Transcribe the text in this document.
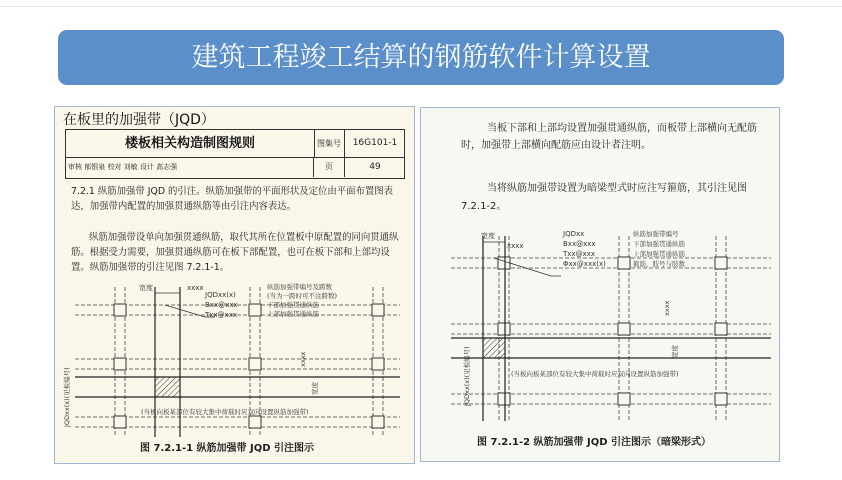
建筑工程竣工结算的钢筋软件计算设置
楼板相关构造制图规则	图集号	16G101-1
审核 郁银泉 校对 刘敏 设计 高志强	页	49
在板里的加强带（JQD）
7.2.1 纵筋加强带 JQD 的引注。纵筋加强带的平面形状及定位由平面布置图表达，加强带内配置的加强贯通纵筋等由引注内容表达。
纵筋加强带设单向加强贯通纵筋，取代其所在位置板中原配置的同向贯通纵筋。根据受力需要，加强贯通纵筋可在板下部配置，也可在板下部和上部均设置。纵筋加强带的引注见图 7.2.1-1。
宽度	xxxx
JQDxx(x)
Bxx@xxx
Txx@xxx
纵筋加强带编号及跨数
(当为一跨时可不注跨数)
下部加强贯通纵筋
上部加强贯通纵筋
JQDxx(x)(见板编号)
xxxx
宽度
(当板向板某部位有较大集中荷载时应双向设置纵筋加强带)
图 7.2.1-1 纵筋加强带 JQD 引注图示
当板下部和上部均设置加强贯通纵筋，而板带上部横向无配筋时，加强带上部横向配筋应由设计者注明。
当将纵筋加强带设置为暗梁型式时应注写箍筋，其引注见图 7.2.1-2。
宽度
xxxx
JQDxx
Bxx@xxx
Txx@xxx
Φxx@xxx(x)
纵筋加强带编号
下部加强贯通纵筋
上部加强贯通纵筋
箍筋，肢号与肢数
JQDxx(x)(见板编号)
xxxx
宽度
(当板向板某部位有较大集中荷载时应双向设置纵筋加强带)
图 7.2.1-2 纵筋加强带 JQD 引注图示（暗梁形式）
